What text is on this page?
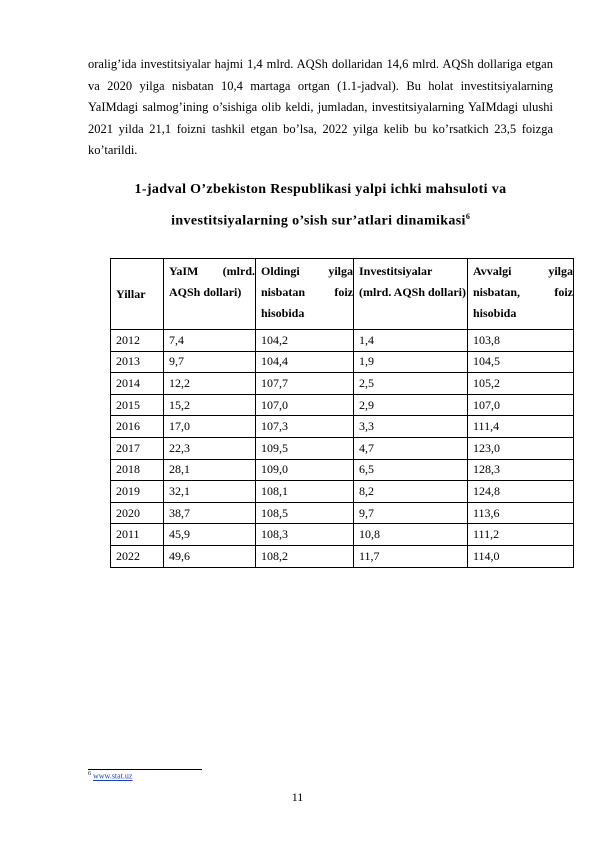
oralig’ida investitsiyalar hajmi 1,4 mlrd. AQSh dollaridan 14,6 mlrd. AQSh dollariga etgan va 2020 yilga nisbatan 10,4 martaga ortgan (1.1-jadval). Bu holat investitsiyalarning YaIMdagi salmog’ining o’sishiga olib keldi, jumladan, investitsiyalarning YaIMdagi ulushi 2021 yilda 21,1 foizni tashkil etgan bo’lsa, 2022 yilga kelib bu ko’rsatkich 23,5 foizga ko’tarildi.
1-jadval O’zbekiston Respublikasi yalpi ichki mahsuloti va
investitsiyalarning o’sish sur’atlari dinamikasi$^6$
Yillar	YaIM (mlrd. AQSh dollari)	Oldingi yilga nisbatan foiz hisobida	Investitsiyalar (mlrd. AQSh dollari)	Avvalgi yilga nisbatan, foiz hisobida

2012	7,4	104,2	1,4	103,8
2013	9,7	104,4	1,9	104,5
2014	12,2	107,7	2,5	105,2
2015	15,2	107,0	2,9	107,0
2016	17,0	107,3	3,3	111,4
2017	22,3	109,5	4,7	123,0
2018	28,1	109,0	6,5	128,3
2019	32,1	108,1	8,2	124,8
2020	38,7	108,5	9,7	113,6
2011	45,9	108,3	10,8	111,2
2022	49,6	108,2	11,7	114,0
$^6$ www.stat.uz
11
